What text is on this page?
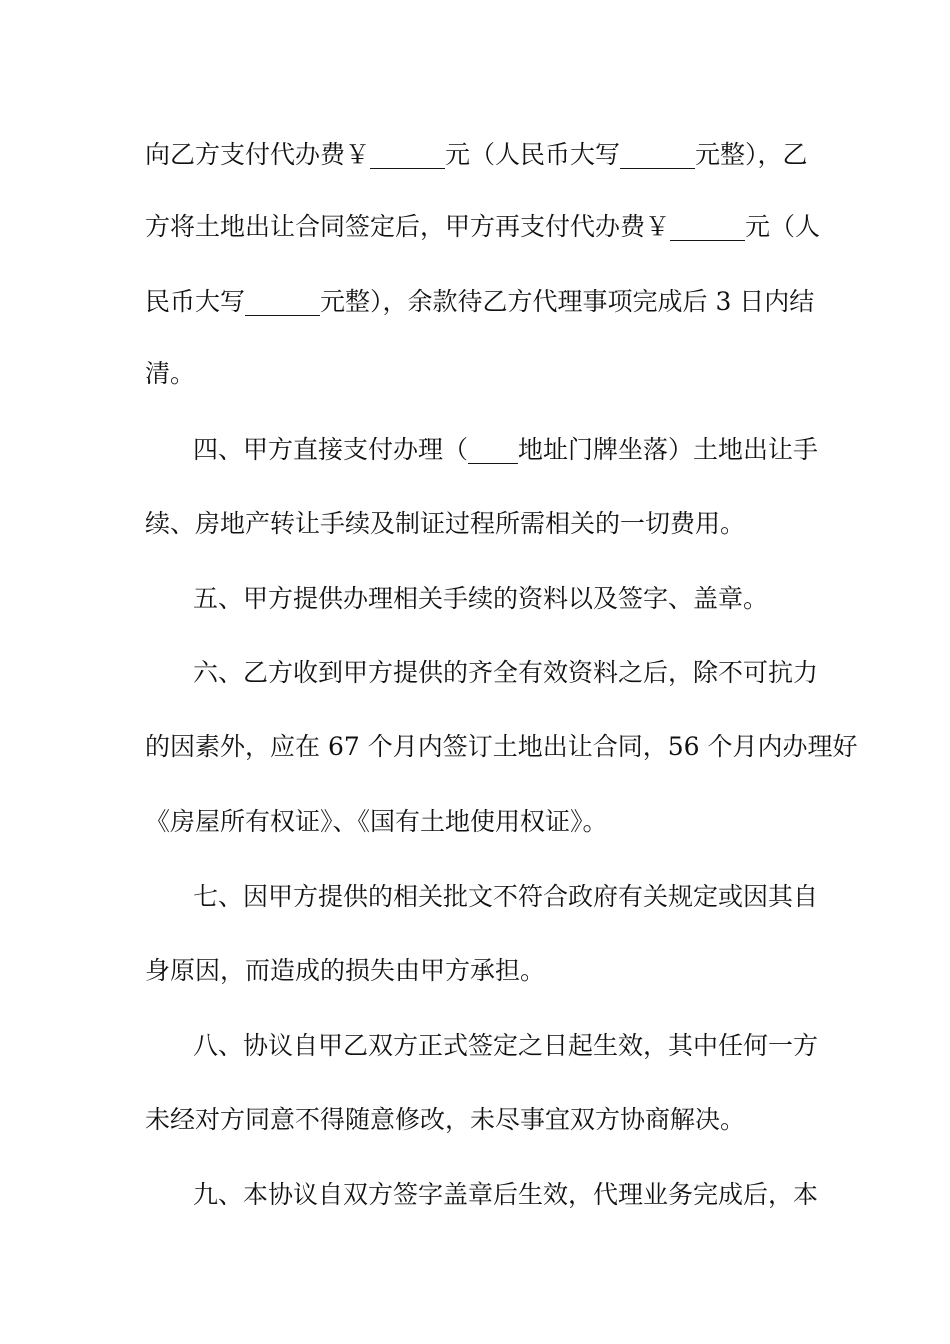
向乙方支付代办费￥______元（人民币大写______元整），乙
方将土地出让合同签定后，甲方再支付代办费￥______元（人
民币大写______元整），余款待乙方代理事项完成后 3 日内结
清。
四、甲方直接支付办理（____地址门牌坐落）土地出让手
续、房地产转让手续及制证过程所需相关的一切费用。
五、甲方提供办理相关手续的资料以及签字、盖章。
六、乙方收到甲方提供的齐全有效资料之后，除不可抗力
的因素外，应在 67 个月内签订土地出让合同，56 个月内办理好
《房屋所有权证》、《国有土地使用权证》。
七、因甲方提供的相关批文不符合政府有关规定或因其自
身原因，而造成的损失由甲方承担。
八、协议自甲乙双方正式签定之日起生效，其中任何一方
未经对方同意不得随意修改，未尽事宜双方协商解决。
九、本协议自双方签字盖章后生效，代理业务完成后，本
